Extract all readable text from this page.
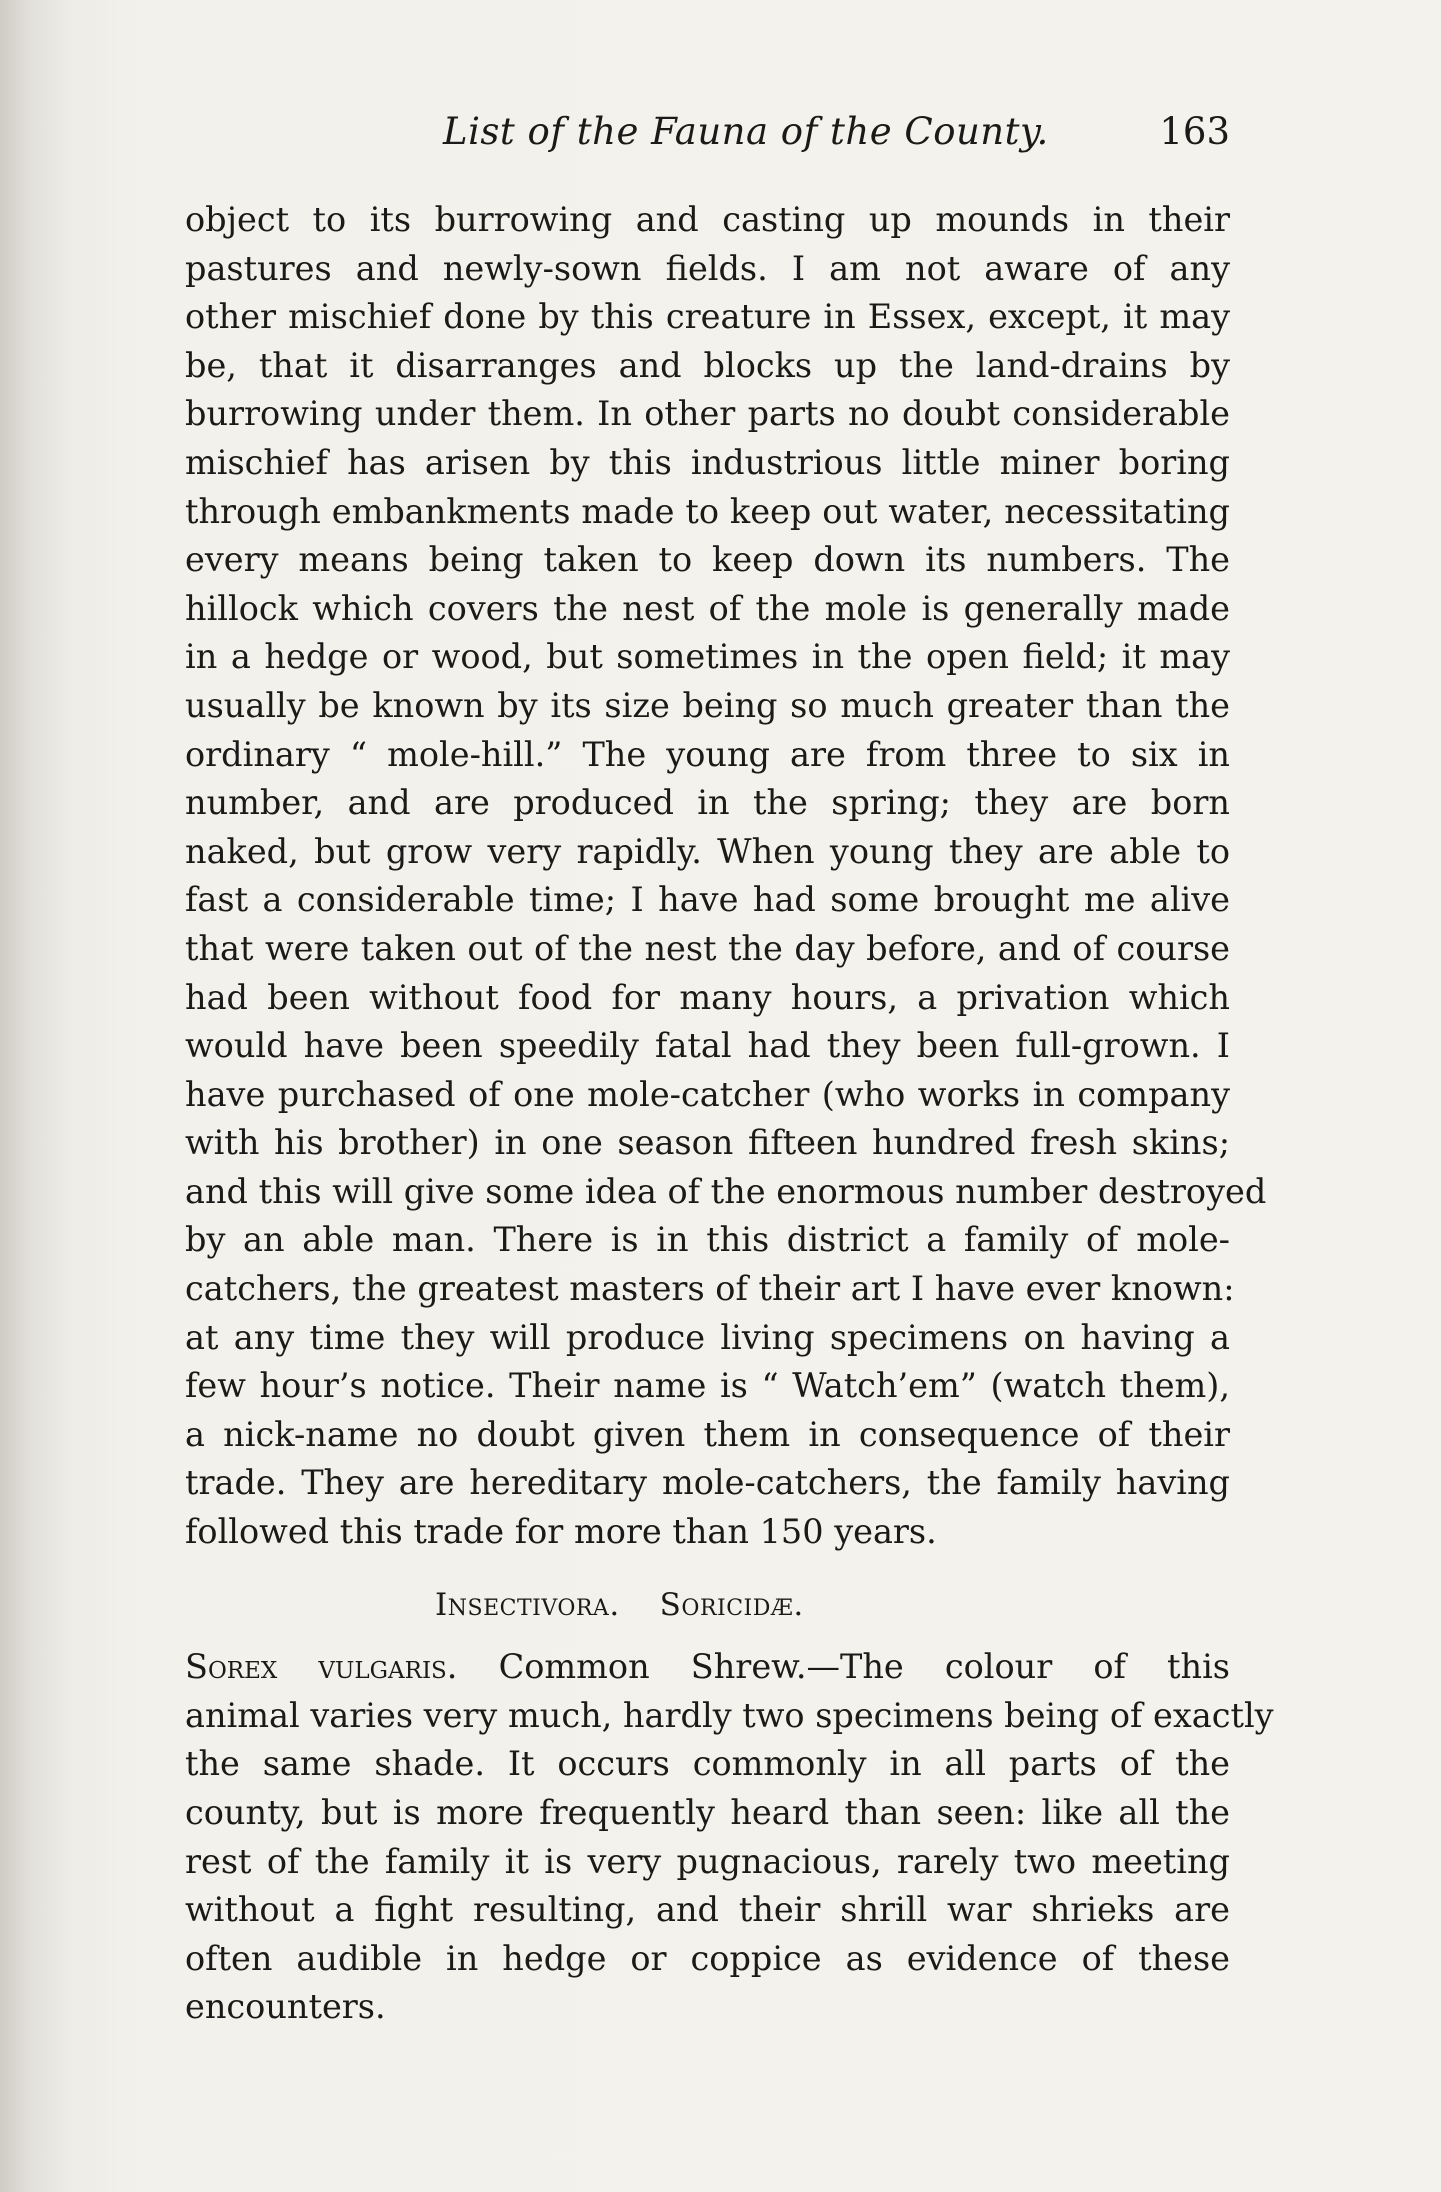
List of the Fauna of the County.	163
object to its burrowing and casting up mounds in their
pastures and newly-sown fields. I am not aware of any
other mischief done by this creature in Essex, except, it may
be, that it disarranges and blocks up the land-drains by
burrowing under them. In other parts no doubt considerable
mischief has arisen by this industrious little miner boring
through embankments made to keep out water, necessitating
every means being taken to keep down its numbers. The
hillock which covers the nest of the mole is generally made
in a hedge or wood, but sometimes in the open field; it may
usually be known by its size being so much greater than the
ordinary “ mole-hill.” The young are from three to six in
number, and are produced in the spring; they are born
naked, but grow very rapidly. When young they are able to
fast a considerable time; I have had some brought me alive
that were taken out of the nest the day before, and of course
had been without food for many hours, a privation which
would have been speedily fatal had they been full-grown. I
have purchased of one mole-catcher (who works in company
with his brother) in one season fifteen hundred fresh skins;
and this will give some idea of the enormous number destroyed
by an able man. There is in this district a family of mole-
catchers, the greatest masters of their art I have ever known:
at any time they will produce living specimens on having a
few hour’s notice. Their name is “ Watch’em” (watch them),
a nick-name no doubt given them in consequence of their
trade. They are hereditary mole-catchers, the family having
followed this trade for more than 150 years.
Insectivora. Soricidæ.
Sorex vulgaris. Common Shrew.—The colour of this
animal varies very much, hardly two specimens being of exactly
the same shade. It occurs commonly in all parts of the
county, but is more frequently heard than seen: like all the
rest of the family it is very pugnacious, rarely two meeting
without a fight resulting, and their shrill war shrieks are
often audible in hedge or coppice as evidence of these
encounters.
